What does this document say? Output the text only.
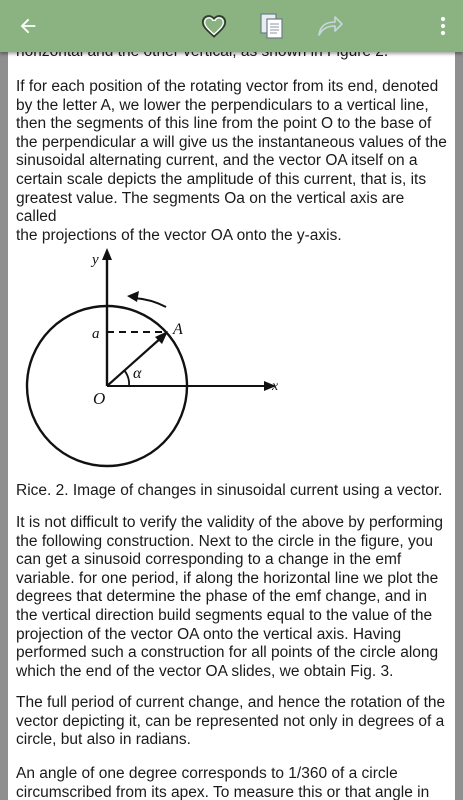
If for each position of the rotating vector from its end, denoted
by the letter A, we lower the perpendiculars to a vertical line,
then the segments of this line from the point O to the base of
the perpendicular a will give us the instantaneous values of the
sinusoidal alternating current, and the vector OA itself on a
certain scale depicts the amplitude of this current, that is, its
greatest value. The segments Oa on the vertical axis are called
the projections of the vector OA onto the y-axis.
y
a	A
α
O
x
Rice. 2. Image of changes in sinusoidal current using a vector.
It is not difficult to verify the validity of the above by performing
the following construction. Next to the circle in the figure, you
can get a sinusoid corresponding to a change in the emf
variable. for one period, if along the horizontal line we plot the
degrees that determine the phase of the emf change, and in
the vertical direction build segments equal to the value of the
projection of the vector OA onto the vertical axis. Having
performed such a construction for all points of the circle along
which the end of the vector OA slides, we obtain Fig. 3.
The full period of current change, and hence the rotation of the
vector depicting it, can be represented not only in degrees of a
circle, but also in radians.
An angle of one degree corresponds to 1/360 of a circle
circumscribed from its apex. To measure this or that angle in
